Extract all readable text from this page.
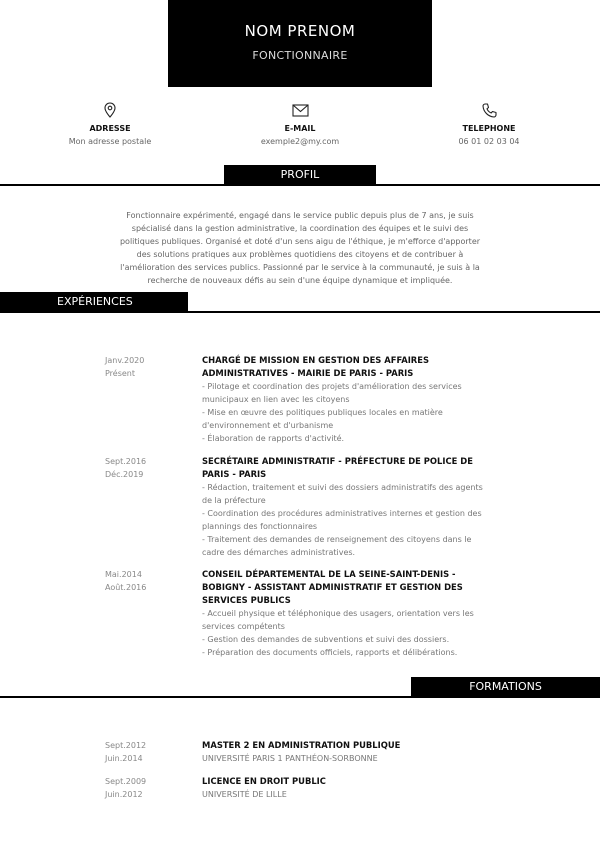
NOM PRENOM
FONCTIONNAIRE
ADRESSE
Mon adresse postale
E-MAIL
exemple2@my.com
TELEPHONE
06 01 02 03 04
PROFIL
Fonctionnaire expérimenté, engagé dans le service public depuis plus de 7 ans, je suis
spécialisé dans la gestion administrative, la coordination des équipes et le suivi des
politiques publiques. Organisé et doté d'un sens aigu de l'éthique, je m'efforce d'apporter
des solutions pratiques aux problèmes quotidiens des citoyens et de contribuer à
l'amélioration des services publics. Passionné par le service à la communauté, je suis à la
recherche de nouveaux défis au sein d'une équipe dynamique et impliquée.
EXPÉRIENCES
Janv.2020
Présent
CHARGÉ DE MISSION EN GESTION DES AFFAIRES
ADMINISTRATIVES - MAIRIE DE PARIS - PARIS
- Pilotage et coordination des projets d'amélioration des services
municipaux en lien avec les citoyens
- Mise en œuvre des politiques publiques locales en matière
d'environnement et d'urbanisme
- Élaboration de rapports d'activité.
Sept.2016
Déc.2019
SECRÉTAIRE ADMINISTRATIF - PRÉFECTURE DE POLICE DE
PARIS - PARIS
- Rédaction, traitement et suivi des dossiers administratifs des agents
de la préfecture
- Coordination des procédures administratives internes et gestion des
plannings des fonctionnaires
- Traitement des demandes de renseignement des citoyens dans le
cadre des démarches administratives.
Mai.2014
Août.2016
CONSEIL DÉPARTEMENTAL DE LA SEINE-SAINT-DENIS -
BOBIGNY - ASSISTANT ADMINISTRATIF ET GESTION DES
SERVICES PUBLICS
- Accueil physique et téléphonique des usagers, orientation vers les
services compétents
- Gestion des demandes de subventions et suivi des dossiers.
- Préparation des documents officiels, rapports et délibérations.
FORMATIONS
Sept.2012
Juin.2014
MASTER 2 EN ADMINISTRATION PUBLIQUE
UNIVERSITÉ PARIS 1 PANTHÉON-SORBONNE
Sept.2009
Juin.2012
LICENCE EN DROIT PUBLIC
UNIVERSITÉ DE LILLE
